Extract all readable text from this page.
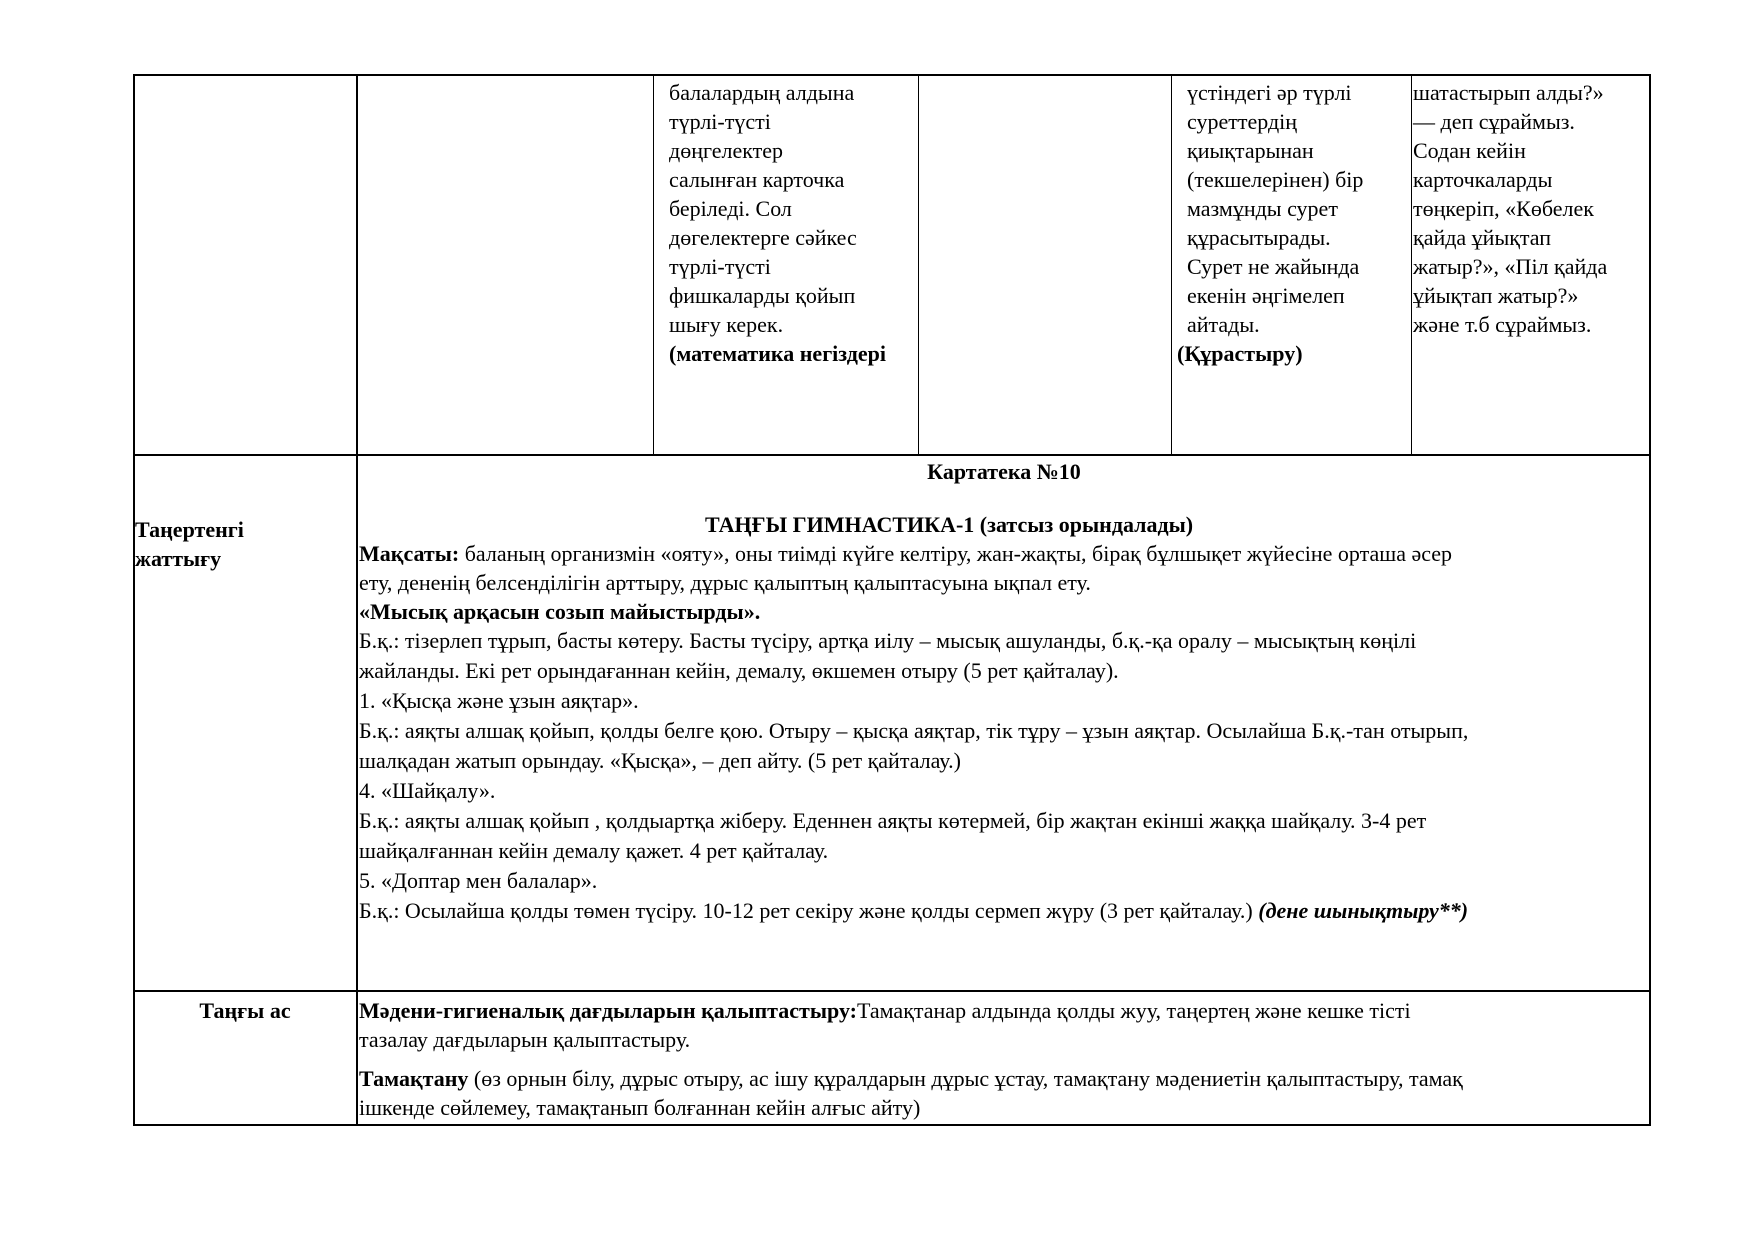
балалардың алдына

түрлі-түсті

дөңгелектер

салынған карточка

беріледі. Сол

дөгелектерге сәйкес

түрлі-түсті

фишкаларды қойып

шығу керек.

(математика негіздері

үстіндегі әр түрлі

суреттердің

қиықтарынан

(текшелерінен) бір

мазмұнды сурет

құрасытырады.

Сурет не жайында

екенін әңгімелеп

айтады.

(Құрастыру)

шатастырып алды?»

— деп сұраймыз.

Содан кейін

карточкаларды

төңкеріп, «Көбелек

қайда ұйықтап

жатыр?», «Піл қайда

ұйықтап жатыр?»

және т.б сұраймыз.

Таңертенгі

жаттығу

Картатека №10

ТАҢҒЫ ГИМНАСТИКА-1 (затсыз орындалады)

Мақсаты: баланың организмін «ояту», оны тиімді күйге келтіру, жан-жақты, бірақ бұлшықет жүйесіне орташа әсер

ету, дененің белсенділігін арттыру, дұрыс қалыптың қалыптасуына ықпал ету.

«Мысық арқасын созып майыстырды».

Б.қ.: тізерлеп тұрып, басты көтеру. Басты түсіру, артқа иілу – мысық ашуланды, б.қ.-қа оралу – мысықтың көңілі

жайланды. Екі рет орындағаннан кейін, демалу, өкшемен отыру (5 рет қайталау).

1. «Қысқа және ұзын аяқтар».

Б.қ.: аяқты алшақ қойып, қолды белге қою. Отыру – қысқа аяқтар, тік тұру – ұзын аяқтар. Осылайша Б.қ.-тан отырып,

шалқадан жатып орындау. «Қысқа», – деп айту. (5 рет қайталау.)

4. «Шайқалу».

Б.қ.: аяқты алшақ қойып , қолдыартқа жіберу. Еденнен аяқты көтермей, бір жақтан екінші жаққа шайқалу. 3-4 рет

шайқалғаннан кейін демалу қажет. 4 рет қайталау.

5. «Доптар мен балалар».

Б.қ.: Осылайша қолды төмен түсіру. 10-12 рет секіру және қолды сермеп жүру (3 рет қайталау.) (дене шынықтыру**)

Таңғы ас	Мәдени-гигиеналық дағдыларын қалыптастыру:Тамақтанар алдында қолды жуу, таңертең және кешке тісті

тазалау дағдыларын қалыптастыру.

Тамақтану (өз орнын білу, дұрыс отыру, ас ішу құралдарын дұрыс ұстау, тамақтану мәдениетін қалыптастыру, тамақ

ішкенде сөйлемеу, тамақтанып болғаннан кейін алғыс айту)
